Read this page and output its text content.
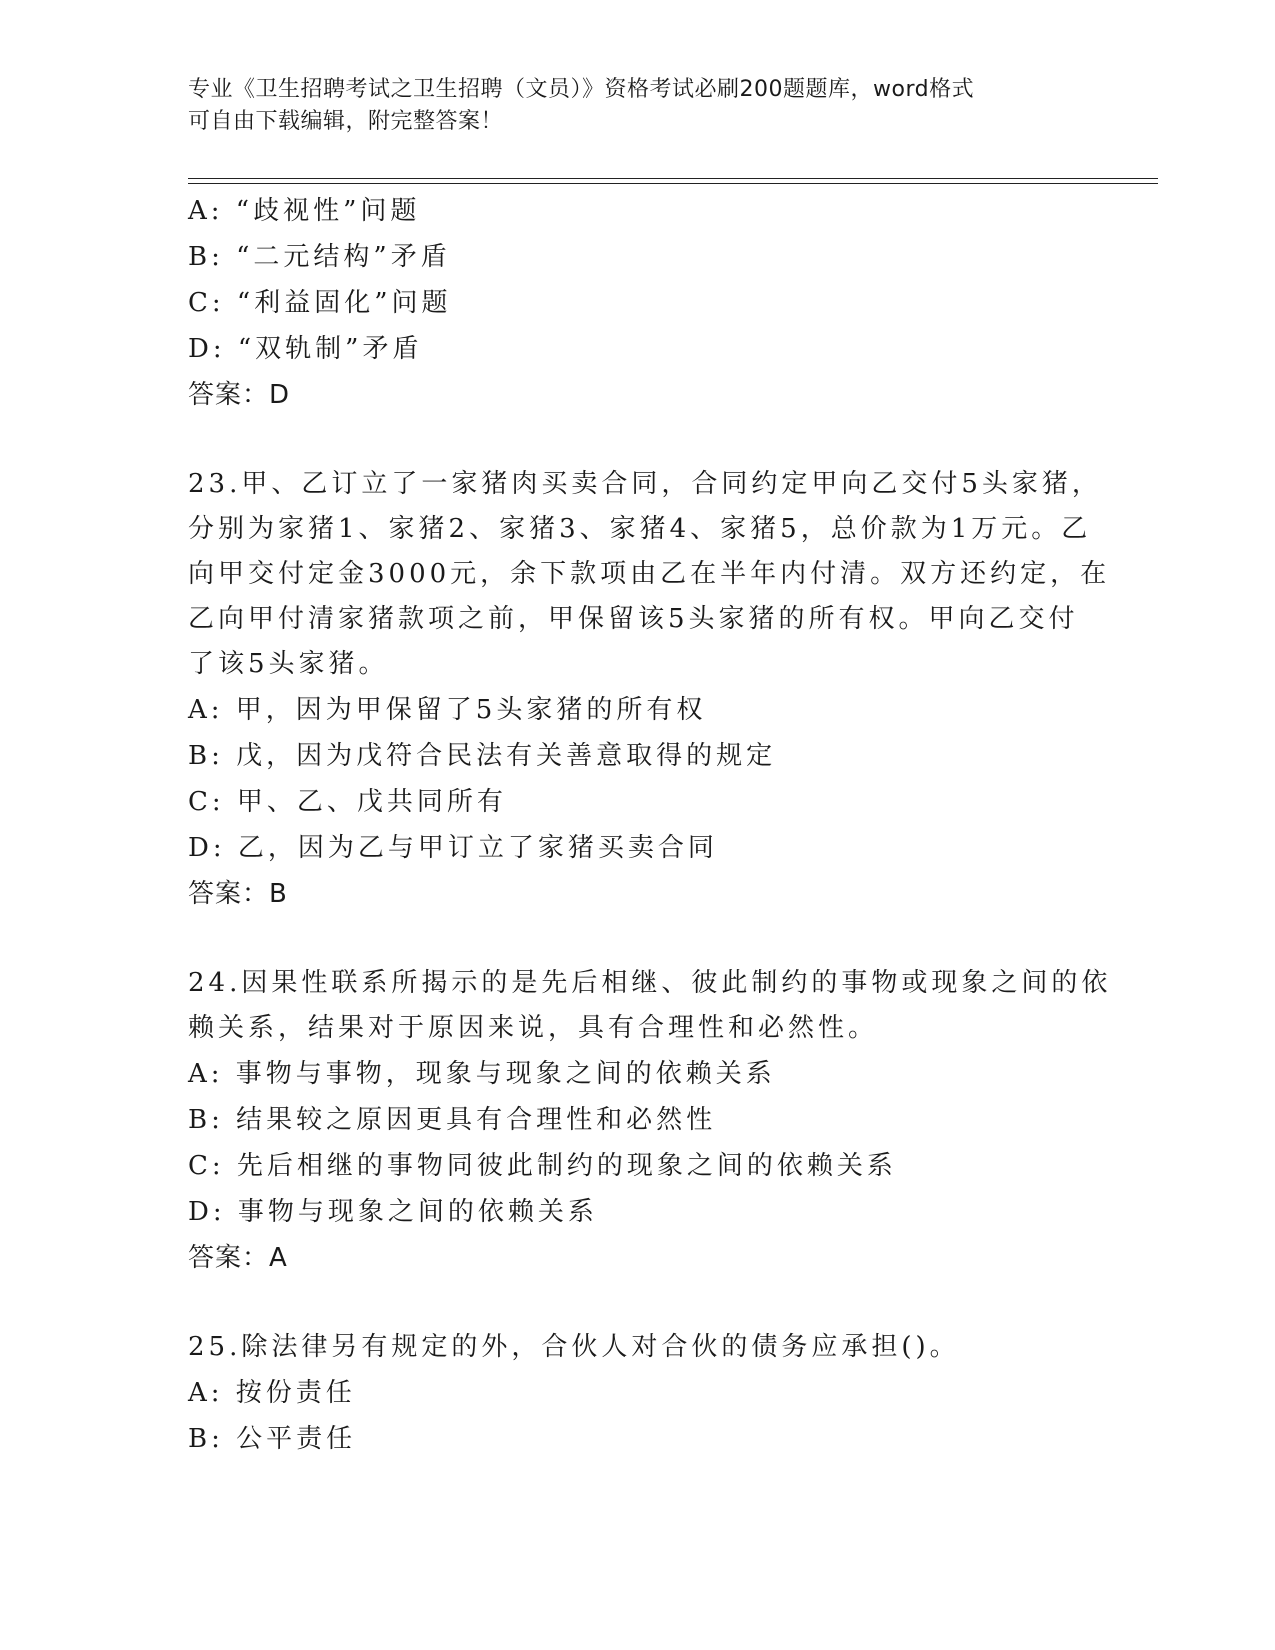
专业《卫生招聘考试之卫生招聘（文员）》资格考试必刷200题题库，word格式
可自由下载编辑，附完整答案！
A: “歧视性”问题
B: “二元结构”矛盾
C: “利益固化”问题
D: “双轨制”矛盾
答案：D
23.甲、乙订立了一家猪肉买卖合同，合同约定甲向乙交付5头家猪，
分别为家猪1、家猪2、家猪3、家猪4、家猪5，总价款为1万元。乙
向甲交付定金3000元，余下款项由乙在半年内付清。双方还约定，在
乙向甲付清家猪款项之前，甲保留该5头家猪的所有权。甲向乙交付
了该5头家猪。
A: 甲，因为甲保留了5头家猪的所有权
B: 戊，因为戊符合民法有关善意取得的规定
C: 甲、乙、戊共同所有
D: 乙，因为乙与甲订立了家猪买卖合同
答案：B
24.因果性联系所揭示的是先后相继、彼此制约的事物或现象之间的依
赖关系，结果对于原因来说，具有合理性和必然性。
A: 事物与事物，现象与现象之间的依赖关系
B: 结果较之原因更具有合理性和必然性
C: 先后相继的事物同彼此制约的现象之间的依赖关系
D: 事物与现象之间的依赖关系
答案：A
25.除法律另有规定的外，合伙人对合伙的债务应承担()。
A: 按份责任
B: 公平责任
